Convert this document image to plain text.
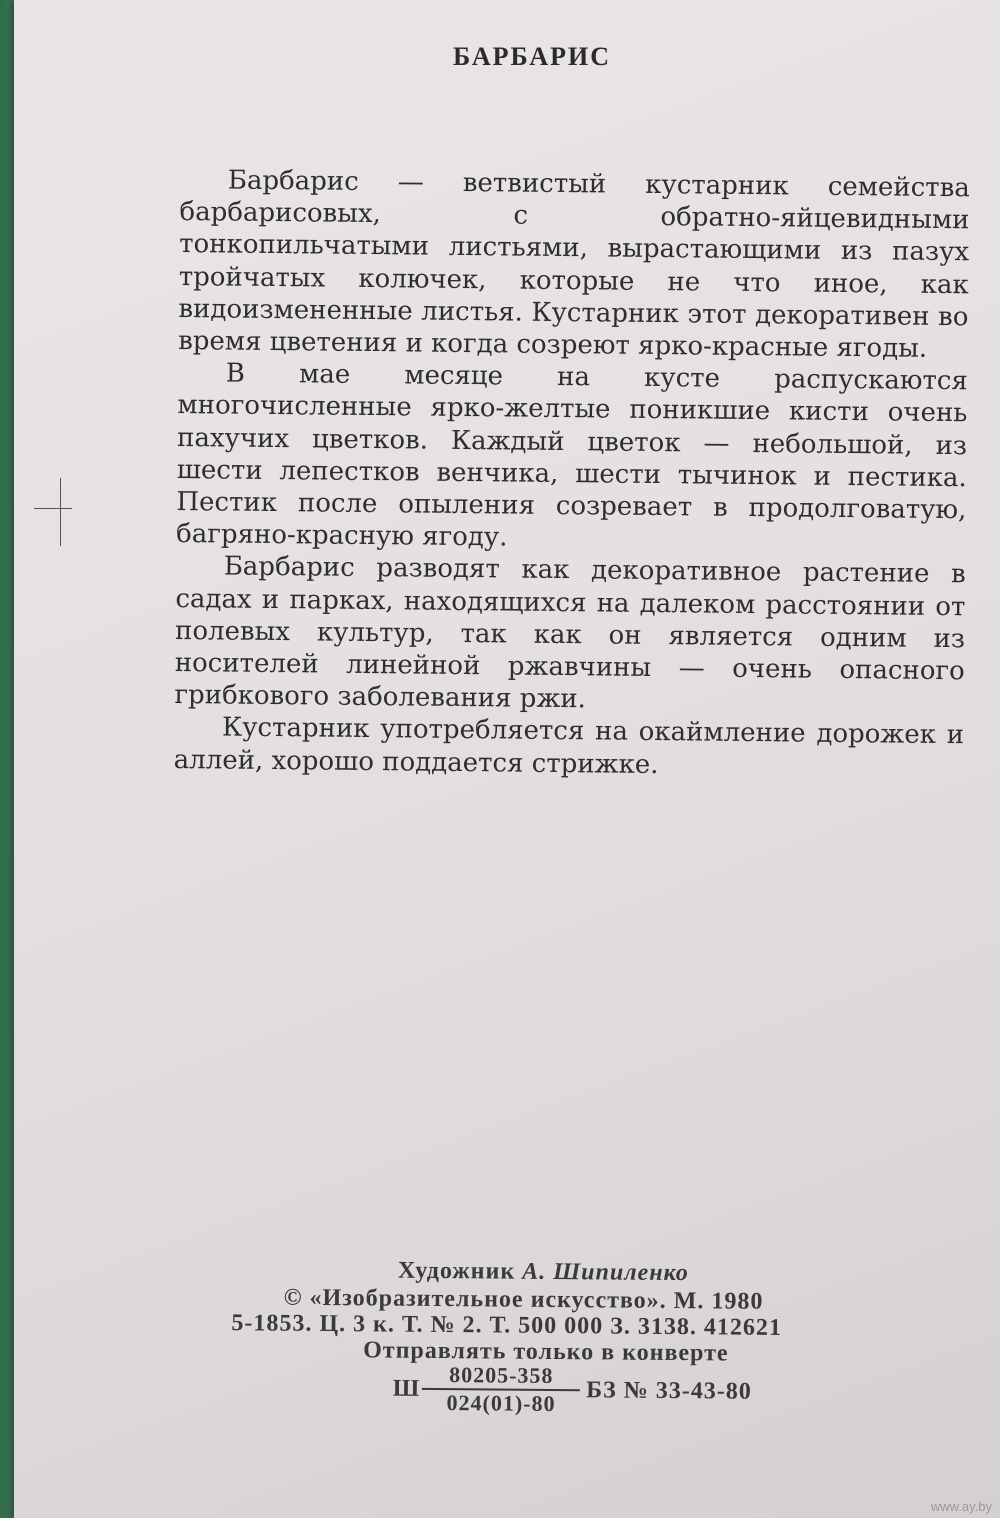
БАРБАРИС

Барбарис — ветвистый кустарник семейства барбарисовых, с обратно-яйцевидными тонкопильчатыми листьями, вырастающими из пазух тройчатых колючек, которые не что иное, как видоизмененные листья. Кустарник этот декоративен во время цветения и когда созреют ярко-красные ягоды.

В мае месяце на кусте распускаются многочисленные ярко-желтые поникшие кисти очень пахучих цветков. Каждый цветок — небольшой, из шести лепестков венчика, шести тычинок и пестика. Пестик после опыления созревает в продолговатую, багряно-красную ягоду.

Барбарис разводят как декоративное растение в садах и парках, находящихся на далеком расстоянии от полевых культур, так как он является одним из носителей линейной ржавчины — очень опасного грибкового заболевания ржи.

Кустарник употребляется на окаймление дорожек и аллей, хорошо поддается стрижке.

Художник А. Шипиленко
© «Изобразительное искусство». М. 1980
5-1853. Ц. 3 к. Т. № 2. Т. 500 000 З. 3138. 412621
Отправлять только в конверте
Ш $\frac{80205-358}{024(01)-80}$ БЗ № 33-43-80
www.ay.by
